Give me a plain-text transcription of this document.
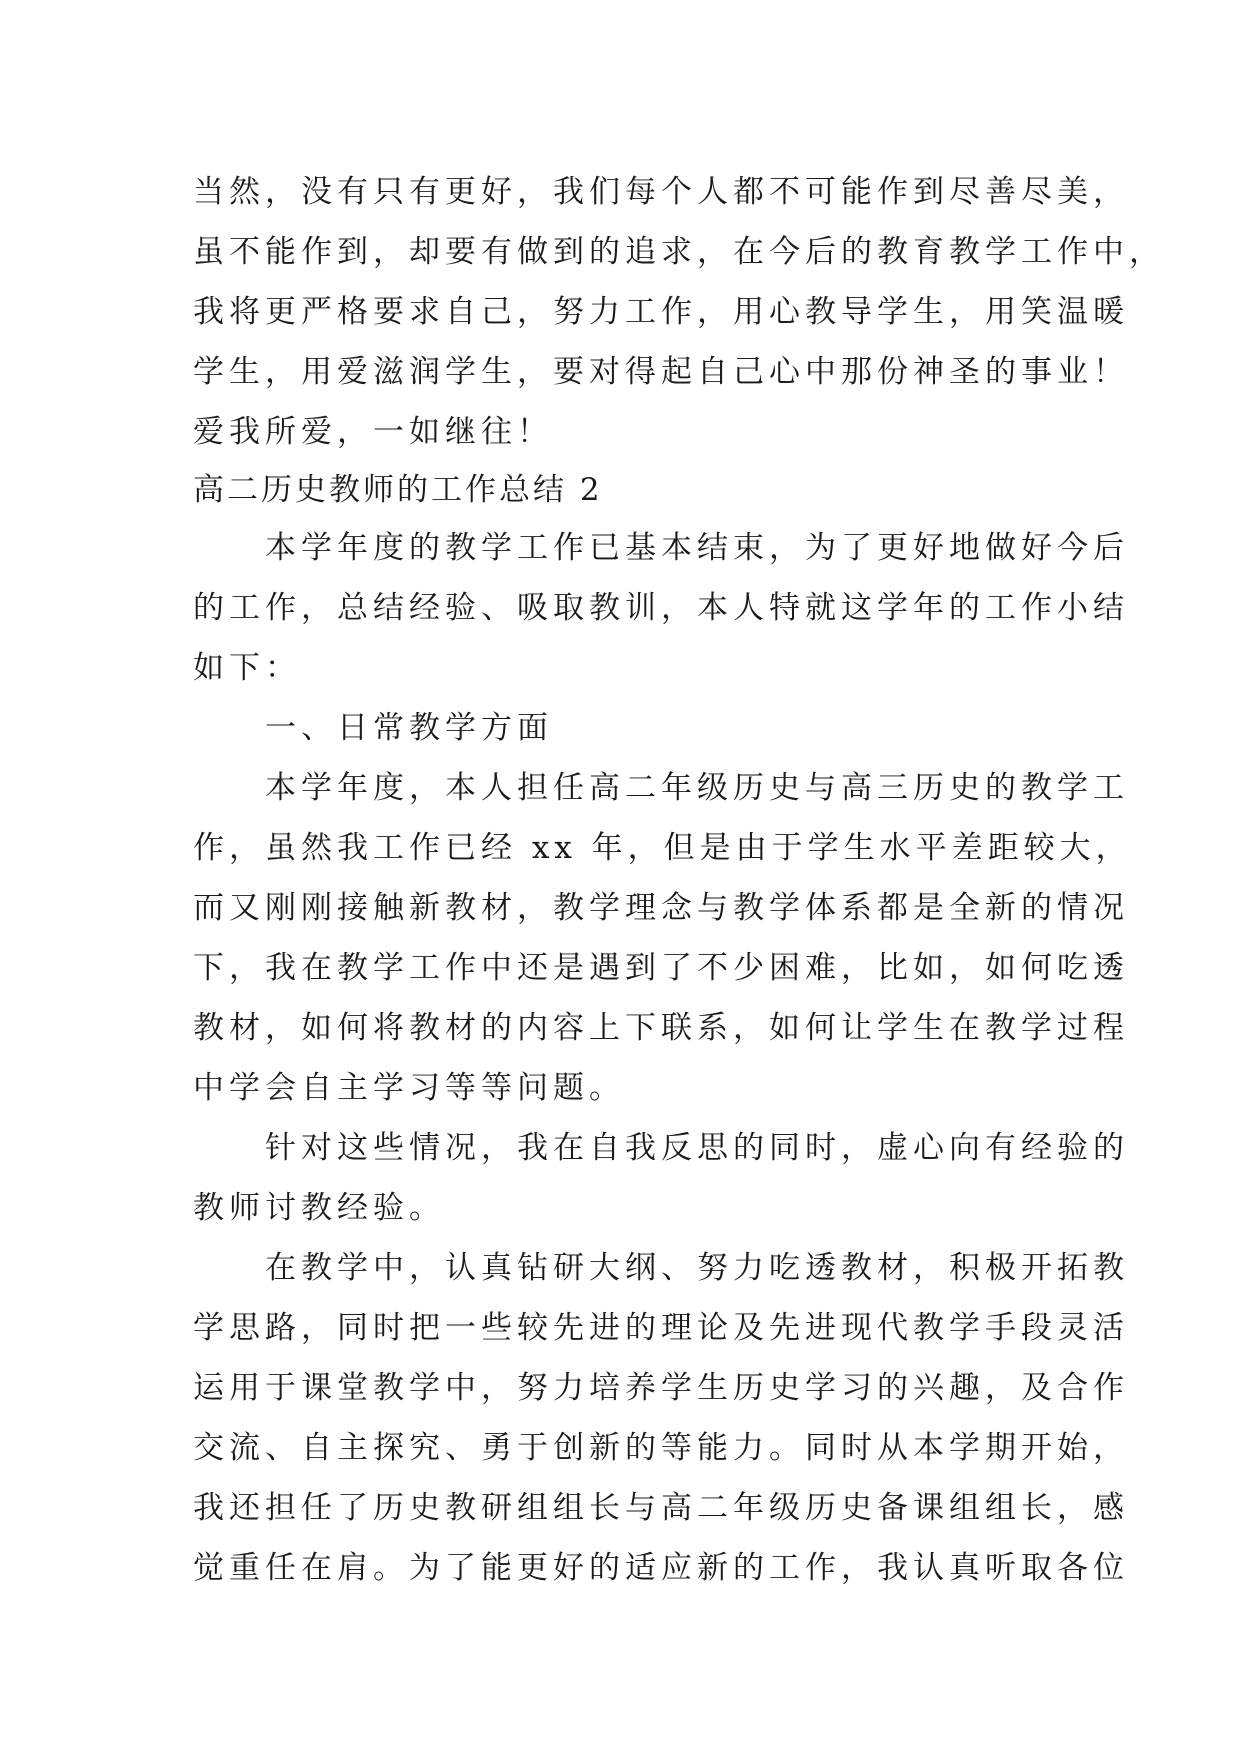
当然，没有只有更好，我们每个人都不可能作到尽善尽美，
虽不能作到，却要有做到的追求，在今后的教育教学工作中，
我将更严格要求自己，努力工作，用心教导学生，用笑温暖
学生，用爱滋润学生，要对得起自己心中那份神圣的事业！
爱我所爱，一如继往！
高二历史教师的工作总结 2
　　本学年度的教学工作已基本结束，为了更好地做好今后
的工作，总结经验、吸取教训，本人特就这学年的工作小结
如下：
　　一、日常教学方面
　　本学年度，本人担任高二年级历史与高三历史的教学工
作，虽然我工作已经 xx 年，但是由于学生水平差距较大，
而又刚刚接触新教材，教学理念与教学体系都是全新的情况
下，我在教学工作中还是遇到了不少困难，比如，如何吃透
教材，如何将教材的内容上下联系，如何让学生在教学过程
中学会自主学习等等问题。
　　针对这些情况，我在自我反思的同时，虚心向有经验的
教师讨教经验。
　　在教学中，认真钻研大纲、努力吃透教材，积极开拓教
学思路，同时把一些较先进的理论及先进现代教学手段灵活
运用于课堂教学中，努力培养学生历史学习的兴趣，及合作
交流、自主探究、勇于创新的等能力。同时从本学期开始，
我还担任了历史教研组组长与高二年级历史备课组组长，感
觉重任在肩。为了能更好的适应新的工作，我认真听取各位
